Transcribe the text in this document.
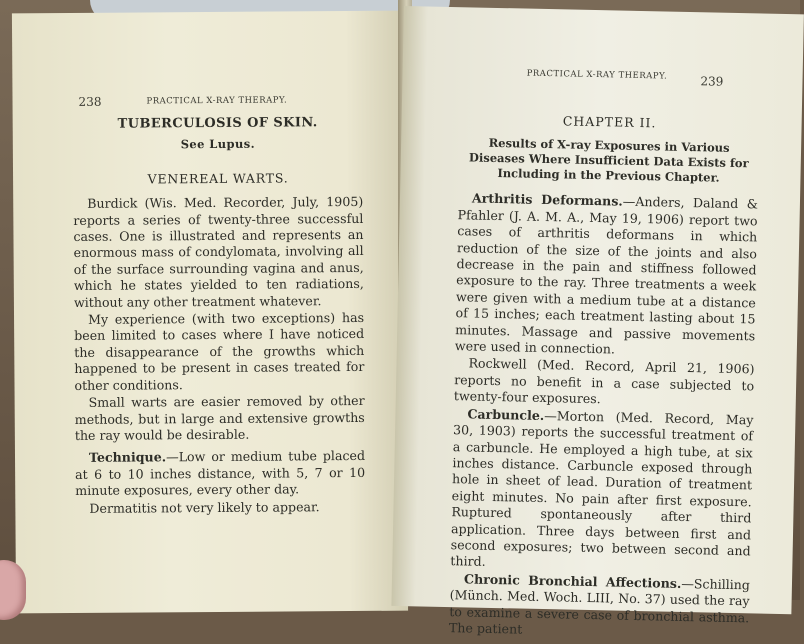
238	PRACTICAL X-RAY THERAPY.

TUBERCULOSIS OF SKIN.

See Lupus.

VENEREAL WARTS.

Burdick (Wis. Med. Recorder, July, 1905) reports a series of twenty-three successful cases. One is illustrated and represents an enormous mass of condylomata, involving all of the surface surrounding vagina and anus, which he states yielded to ten radiations, without any other treatment whatever.

My experience (with two exceptions) has been limited to cases where I have noticed the disappearance of the growths which happened to be present in cases treated for other conditions.

Small warts are easier removed by other methods, but in large and extensive growths the ray would be desirable.

Technique.—Low or medium tube placed at 6 to 10 inches distance, with 5, 7 or 10 minute exposures, every other day.

Dermatitis not very likely to appear.

PRACTICAL X-RAY THERAPY.	239

CHAPTER II.

Results of X-ray Exposures in Various Diseases Where Insufficient Data Exists for Including in the Previous Chapter.

Arthritis Deformans.—Anders, Daland & Pfahler (J. A. M. A., May 19, 1906) report two cases of arthritis deformans in which reduction of the size of the joints and also decrease in the pain and stiffness followed exposure to the ray. Three treatments a week were given with a medium tube at a distance of 15 inches; each treatment lasting about 15 minutes. Massage and passive movements were used in connection.

Rockwell (Med. Record, April 21, 1906) reports no benefit in a case subjected to twenty-four exposures.

Carbuncle.—Morton (Med. Record, May 30, 1903) reports the successful treatment of a carbuncle. He employed a high tube, at six inches distance. Carbuncle exposed through hole in sheet of lead. Duration of treatment eight minutes. No pain after first exposure. Ruptured spontaneously after third application. Three days between first and second exposures; two between second and third.

Chronic Bronchial Affections.—Schilling (Münch. Med. Woch. LIII, No. 37) used the ray to examine a severe case of bronchial asthma. The patient
